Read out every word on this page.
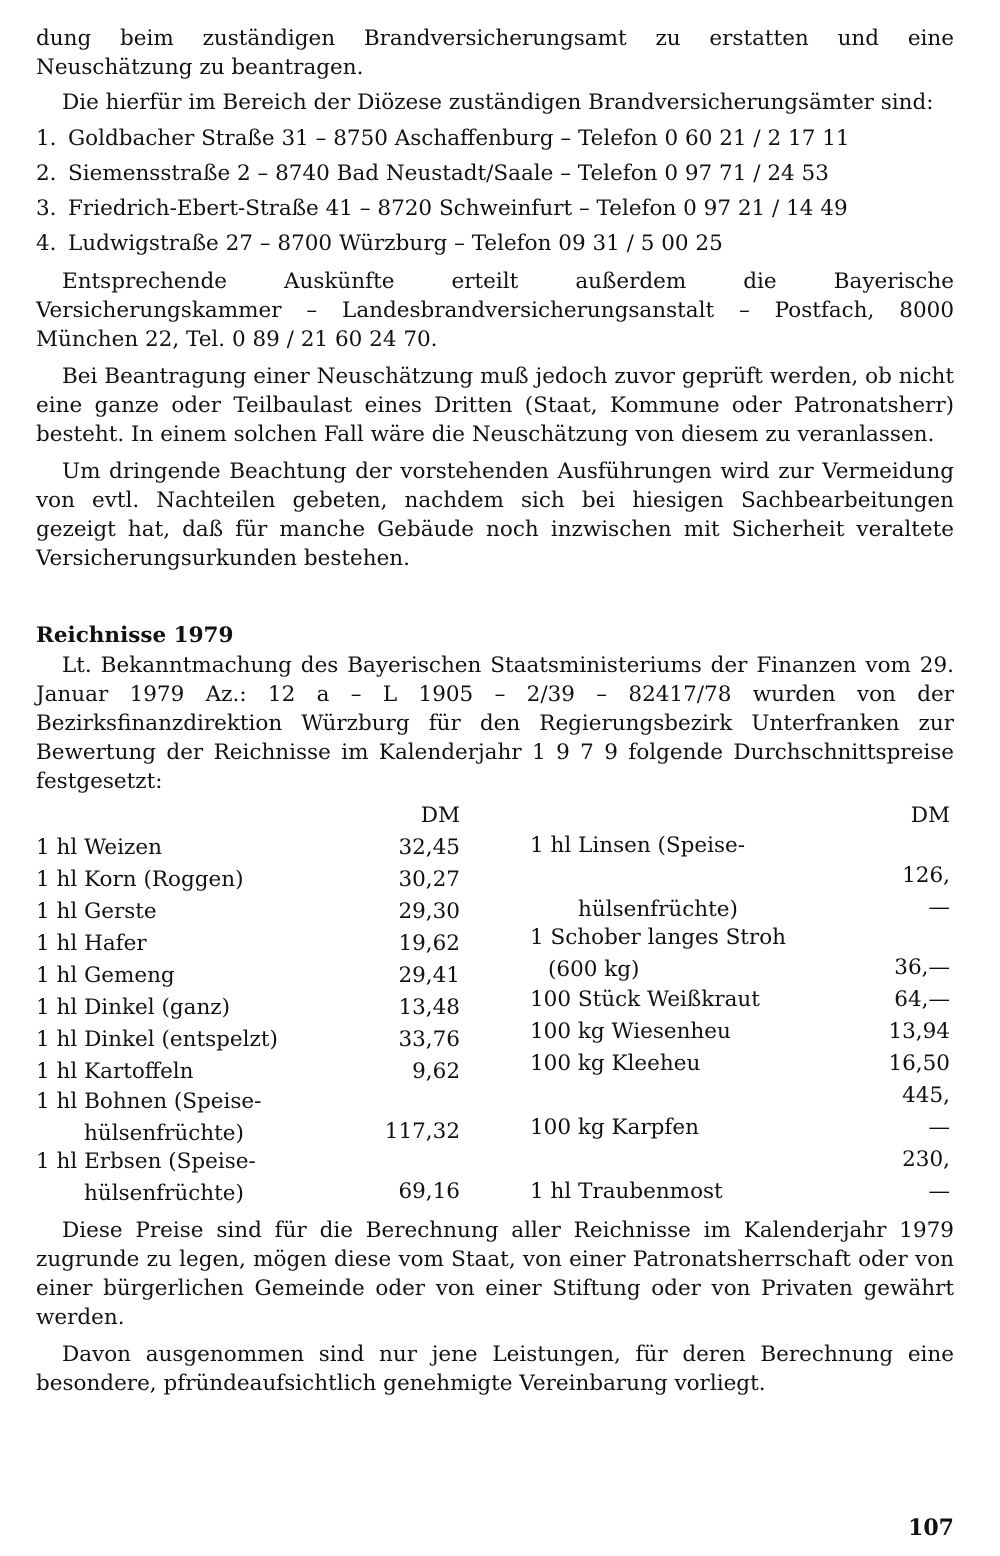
dung beim zuständigen Brandversicherungsamt zu erstatten und eine Neuschätzung zu beantragen.

Die hierfür im Bereich der Diözese zuständigen Brandversicherungsämter sind:

1. Goldbacher Straße 31 – 8750 Aschaffenburg – Telefon 0 60 21 / 2 17 11
2. Siemensstraße 2 – 8740 Bad Neustadt/Saale – Telefon 0 97 71 / 24 53
3. Friedrich-Ebert-Straße 41 – 8720 Schweinfurt – Telefon 0 97 21 / 14 49
4. Ludwigstraße 27 – 8700 Würzburg – Telefon 09 31 / 5 00 25

Entsprechende Auskünfte erteilt außerdem die Bayerische Versicherungskammer – Landesbrandversicherungsanstalt – Postfach, 8000 München 22, Tel. 0 89 / 21 60 24 70.

Bei Beantragung einer Neuschätzung muß jedoch zuvor geprüft werden, ob nicht eine ganze oder Teilbaulast eines Dritten (Staat, Kommune oder Patronatsherr) besteht. In einem solchen Fall wäre die Neuschätzung von diesem zu veranlassen.

Um dringende Beachtung der vorstehenden Ausführungen wird zur Vermeidung von evtl. Nachteilen gebeten, nachdem sich bei hiesigen Sachbearbeitungen gezeigt hat, daß für manche Gebäude noch inzwischen mit Sicherheit veraltete Versicherungsurkunden bestehen.

Reichnisse 1979

Lt. Bekanntmachung des Bayerischen Staatsministeriums der Finanzen vom 29. Januar 1979 Az.: 12 a – L 1905 – 2/39 – 82417/78 wurden von der Bezirksfinanzdirektion Würzburg für den Regierungsbezirk Unterfranken zur Bewertung der Reichnisse im Kalenderjahr 1 9 7 9 folgende Durchschnittspreise festgesetzt:

	DM
1 hl Weizen	32,45
1 hl Korn (Roggen)	30,27
1 hl Gerste	29,30
1 hl Hafer	19,62
1 hl Gemeng	29,41
1 hl Dinkel (ganz)	13,48
1 hl Dinkel (entspelzt)	33,76
1 hl Kartoffeln	9,62
1 hl Bohnen (Speise-	
hülsenfrüchte)	117,32
1 hl Erbsen (Speise-	
hülsenfrüchte)	69,16
	DM
1 hl Linsen (Speise-	
hülsenfrüchte)	126,—
1 Schober langes Stroh	
(600 kg)	36,—
100 Stück Weißkraut	64,—
100 kg Wiesenheu	13,94
100 kg Kleeheu	16,50
100 kg Karpfen	445,—
1 hl Traubenmost	230,—

Diese Preise sind für die Berechnung aller Reichnisse im Kalenderjahr 1979 zugrunde zu legen, mögen diese vom Staat, von einer Patronatsherrschaft oder von einer bürgerlichen Gemeinde oder von einer Stiftung oder von Privaten gewährt werden.

Davon ausgenommen sind nur jene Leistungen, für deren Berechnung eine besondere, pfründeaufsichtlich genehmigte Vereinbarung vorliegt.

107
